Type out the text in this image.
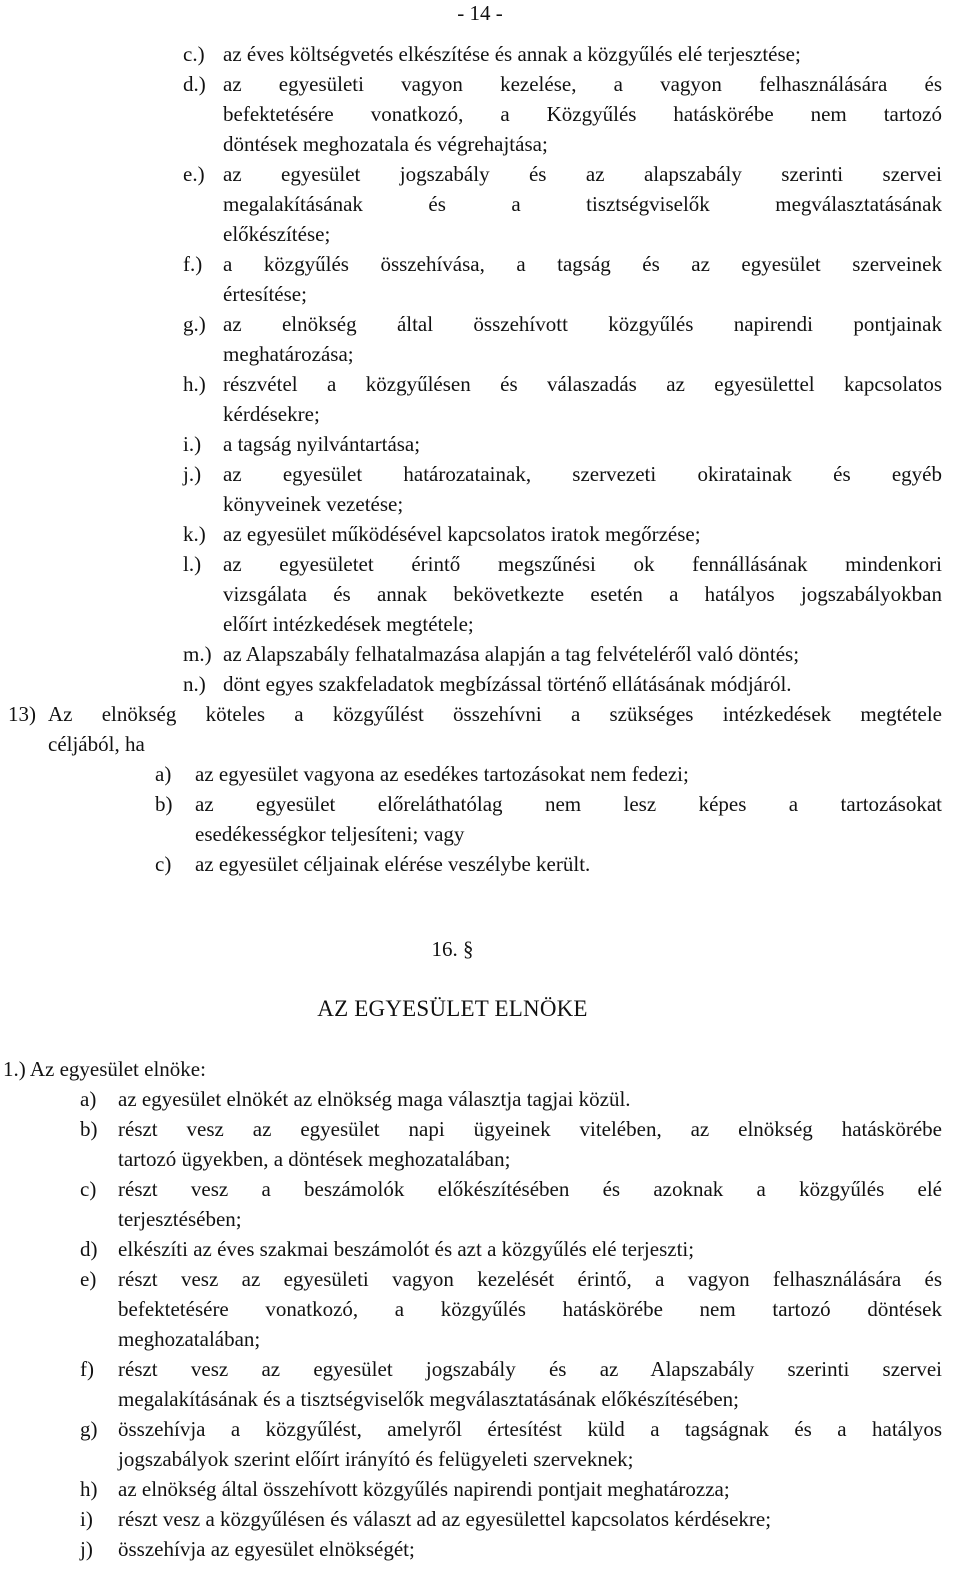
- 14 -
c.) az éves költségvetés elkészítése és annak a közgyűlés elé terjesztése;
d.) az egyesületi vagyon kezelése, a vagyon felhasználására és
befektetésére vonatkozó, a Közgyűlés hatáskörébe nem tartozó
döntések meghozatala és végrehajtása;
e.) az egyesület jogszabály és az alapszabály szerinti szervei
megalakításának és a tisztségviselők megválasztatásának
előkészítése;
f.) a közgyűlés összehívása, a tagság és az egyesület szerveinek
értesítése;
g.) az elnökség által összehívott közgyűlés napirendi pontjainak
meghatározása;
h.) részvétel a közgyűlésen és válaszadás az egyesülettel kapcsolatos
kérdésekre;
i.) a tagság nyilvántartása;
j.) az egyesület határozatainak, szervezeti okiratainak és egyéb
könyveinek vezetése;
k.) az egyesület működésével kapcsolatos iratok megőrzése;
l.) az egyesületet érintő megszűnési ok fennállásának mindenkori
vizsgálata és annak bekövetkezte esetén a hatályos jogszabályokban
előírt intézkedések megtétele;
m.) az Alapszabály felhatalmazása alapján a tag felvételéről való döntés;
n.) dönt egyes szakfeladatok megbízással történő ellátásának módjáról.
13) Az elnökség köteles a közgyűlést összehívni a szükséges intézkedések megtétele
céljából, ha
a) az egyesület vagyona az esedékes tartozásokat nem fedezi;
b) az egyesület előreláthatólag nem lesz képes a tartozásokat
esedékességkor teljesíteni; vagy
c) az egyesület céljainak elérése veszélybe került.
16. §
AZ EGYESÜLET ELNÖKE
1.) Az egyesület elnöke:
a) az egyesület elnökét az elnökség maga választja tagjai közül.
b) részt vesz az egyesület napi ügyeinek vitelében, az elnökség hatáskörébe
tartozó ügyekben, a döntések meghozatalában;
c) részt vesz a beszámolók előkészítésében és azoknak a közgyűlés elé
terjesztésében;
d) elkészíti az éves szakmai beszámolót és azt a közgyűlés elé terjeszti;
e) részt vesz az egyesületi vagyon kezelését érintő, a vagyon felhasználására és
befektetésére vonatkozó, a közgyűlés hatáskörébe nem tartozó döntések
meghozatalában;
f) részt vesz az egyesület jogszabály és az Alapszabály szerinti szervei
megalakításának és a tisztségviselők megválasztatásának előkészítésében;
g) összehívja a közgyűlést, amelyről értesítést küld a tagságnak és a hatályos
jogszabályok szerint előírt irányító és felügyeleti szerveknek;
h) az elnökség által összehívott közgyűlés napirendi pontjait meghatározza;
i) részt vesz a közgyűlésen és választ ad az egyesülettel kapcsolatos kérdésekre;
j) összehívja az egyesület elnökségét;
